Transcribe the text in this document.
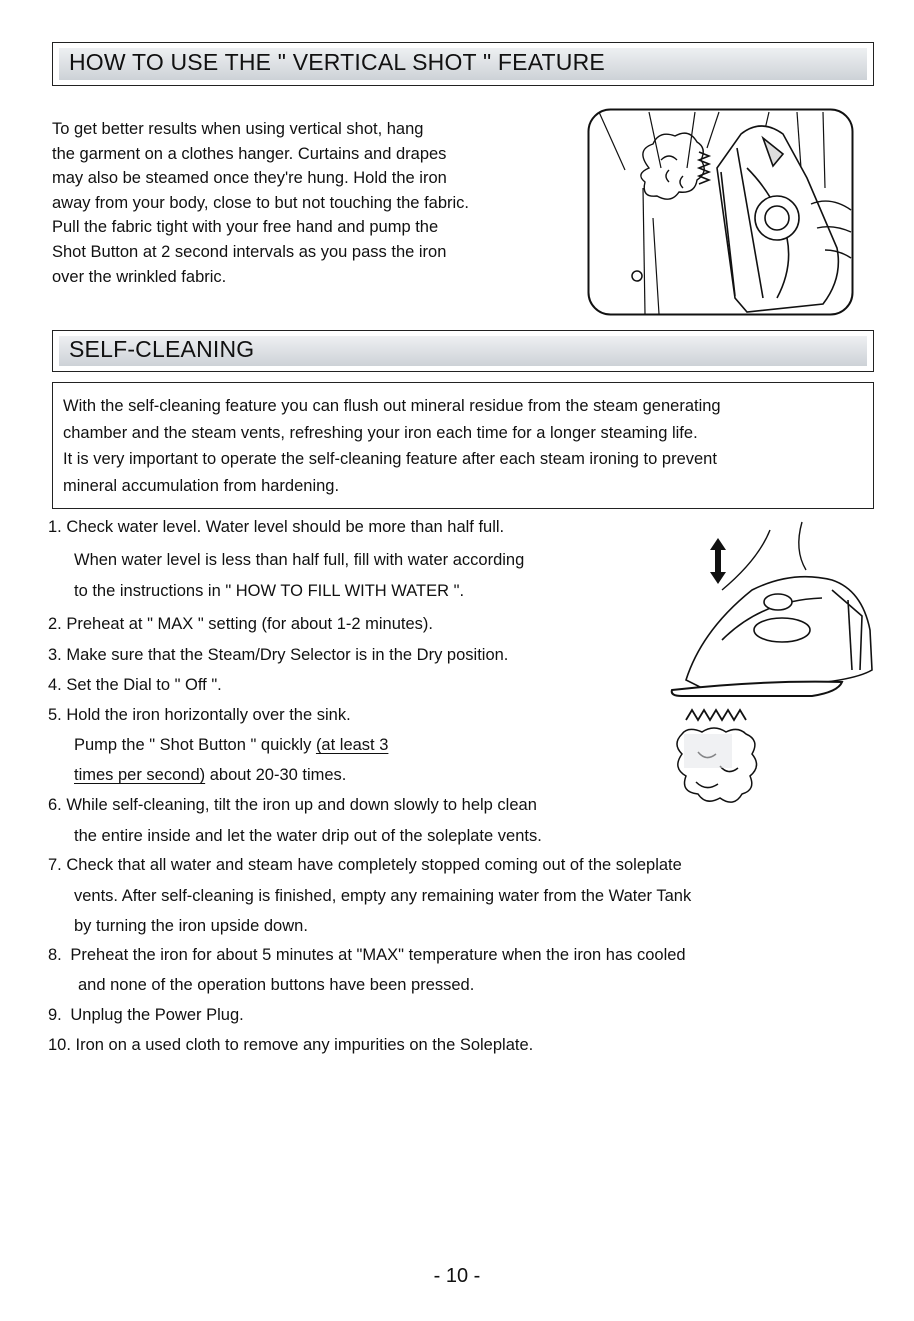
HOW TO USE THE " VERTICAL SHOT " FEATURE
To get better results when using vertical shot, hang
the garment on a clothes hanger. Curtains and drapes
may also be steamed once they're hung. Hold the iron
away from your body, close to but not touching the fabric.
Pull the fabric tight with your free hand and pump the
Shot Button at 2 second intervals as you pass the iron
over the wrinkled fabric.
SELF-CLEANING
With the self-cleaning feature you can flush out mineral residue from the steam generating
chamber and the steam vents, refreshing your iron each time for a longer steaming life.
It is very important to operate the self-cleaning feature after each steam ironing to prevent
mineral accumulation from hardening.
1. Check water level. Water level should be more than half full.
When water level is less than half full, fill with water according
to the instructions in " HOW TO FILL WITH WATER ".
2. Preheat at " MAX " setting (for about 1-2 minutes).
3. Make sure that the Steam/Dry Selector is in the Dry position.
4. Set the Dial to " Off ".
5. Hold the iron horizontally over the sink.
Pump the " Shot Button " quickly (at least 3
times per second) about 20-30 times.
6. While self-cleaning, tilt the iron up and down slowly to help clean
the entire inside and let the water drip out of the soleplate vents.
7. Check that all water and steam have completely stopped coming out of the soleplate
vents. After self-cleaning is finished, empty any remaining water from the Water Tank
by turning the iron upside down.
8. Preheat the iron for about 5 minutes at "MAX" temperature when the iron has cooled
and none of the operation buttons have been pressed.
9. Unplug the Power Plug.
10. Iron on a used cloth to remove any impurities on the Soleplate.
- 10 -
